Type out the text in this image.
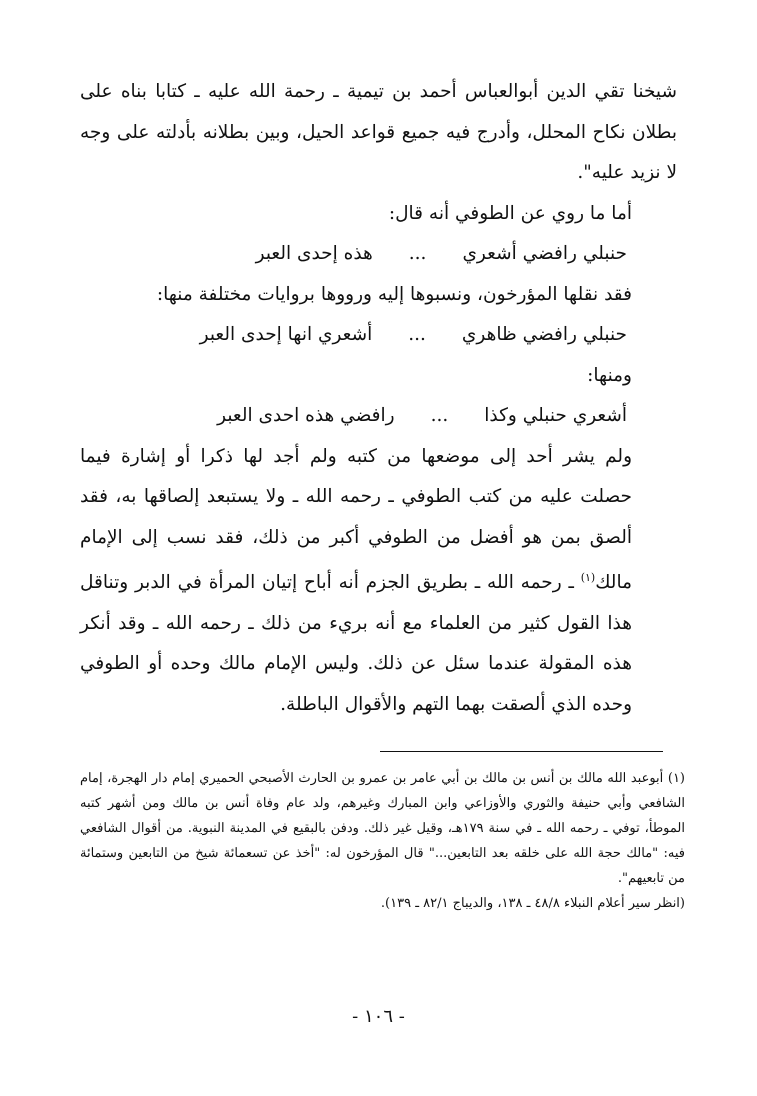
شيخنا تقي الدين أبوالعباس أحمد بن تيمية ـ رحمة الله عليه ـ كتابا بناه على بطلان نكاح المحلل، وأدرج فيه جميع قواعد الحيل، وبين بطلانه بأدلته على وجه لا نزيد عليه".

أما ما روي عن الطوفي أنه قال:

حنبلي رافضي أشعري
...
هذه إحدى العبر

فقد نقلها المؤرخون، ونسبوها إليه ورووها بروايات مختلفة منها:

حنبلي رافضي ظاهري
...
أشعري انها إحدى العبر

ومنها:

أشعري حنبلي وكذا
...
رافضي هذه احدى العبر

ولم يشر أحد إلى موضعها من كتبه ولم أجد لها ذكرا أو إشارة فيما حصلت عليه من كتب الطوفي ـ رحمه الله ـ ولا يستبعد إلصاقها به، فقد ألصق بمن هو أفضل من الطوفي أكبر من ذلك، فقد نسب إلى الإمام مالك$^{(١)}$ ـ رحمه الله ـ بطريق الجزم أنه أباح إتيان المرأة في الدبر وتناقل هذا القول كثير من العلماء مع أنه بريء من ذلك ـ رحمه الله ـ وقد أنكر هذه المقولة عندما سئل عن ذلك. وليس الإمام مالك وحده أو الطوفي وحده الذي ألصقت بهما التهم والأقوال الباطلة.

(١) أبوعبد الله مالك بن أنس بن مالك بن أبي عامر بن عمرو بن الحارث الأصبحي الحميري إمام دار الهجرة، إمام الشافعي وأبي حنيفة والثوري والأوزاعي وابن المبارك وغيرهم، ولد عام وفاة أنس بن مالك ومن أشهر كتبه الموطأ، توفي ـ رحمه الله ـ في سنة ١٧٩هـ، وقيل غير ذلك. ودفن بالبقيع في المدينة النبوية. من أقوال الشافعي فيه: "مالك حجة الله على خلقه بعد التابعين..." قال المؤرخون له: "أخذ عن تسعمائة شيخ من التابعين وستمائة من تابعيهم".

(انظر سير أعلام النبلاء ٤٨/٨ ـ ١٣٨، والديباج ٨٢/١ ـ ١٣٩).

- ١٠٦ -
